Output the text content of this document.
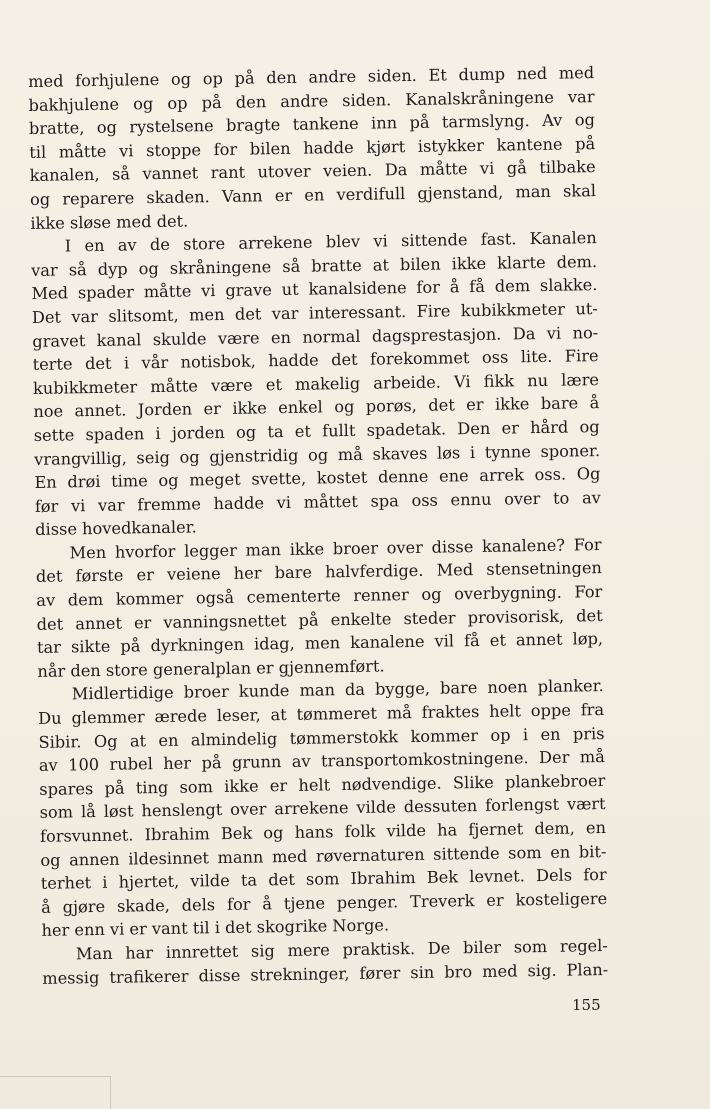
med forhjulene og op på den andre siden. Et dump ned med
bakhjulene og op på den andre siden. Kanalskråningene var
bratte, og rystelsene bragte tankene inn på tarmslyng. Av og
til måtte vi stoppe for bilen hadde kjørt istykker kantene på
kanalen, så vannet rant utover veien. Da måtte vi gå tilbake
og reparere skaden. Vann er en verdifull gjenstand, man skal
ikke sløse med det.
I en av de store arrekene blev vi sittende fast. Kanalen
var så dyp og skråningene så bratte at bilen ikke klarte dem.
Med spader måtte vi grave ut kanalsidene for å få dem slakke.
Det var slitsomt, men det var interessant. Fire kubikkmeter ut-
gravet kanal skulde være en normal dagsprestasjon. Da vi no-
terte det i vår notisbok, hadde det forekommet oss lite. Fire
kubikkmeter måtte være et makelig arbeide. Vi fikk nu lære
noe annet. Jorden er ikke enkel og porøs, det er ikke bare å
sette spaden i jorden og ta et fullt spadetak. Den er hård og
vrangvillig, seig og gjenstridig og må skaves løs i tynne sponer.
En drøi time og meget svette, kostet denne ene arrek oss. Og
før vi var fremme hadde vi måttet spa oss ennu over to av
disse hovedkanaler.
Men hvorfor legger man ikke broer over disse kanalene? For
det første er veiene her bare halvferdige. Med stensetningen
av dem kommer også cementerte renner og overbygning. For
det annet er vanningsnettet på enkelte steder provisorisk, det
tar sikte på dyrkningen idag, men kanalene vil få et annet løp,
når den store generalplan er gjennemført.
Midlertidige broer kunde man da bygge, bare noen planker.
Du glemmer ærede leser, at tømmeret må fraktes helt oppe fra
Sibir. Og at en almindelig tømmerstokk kommer op i en pris
av 100 rubel her på grunn av transportomkostningene. Der må
spares på ting som ikke er helt nødvendige. Slike plankebroer
som lå løst henslengt over arrekene vilde dessuten forlengst vært
forsvunnet. Ibrahim Bek og hans folk vilde ha fjernet dem, en
og annen ildesinnet mann med røvernaturen sittende som en bit-
terhet i hjertet, vilde ta det som Ibrahim Bek levnet. Dels for
å gjøre skade, dels for å tjene penger. Treverk er kosteligere
her enn vi er vant til i det skogrike Norge.
Man har innrettet sig mere praktisk. De biler som regel-
messig trafikerer disse strekninger, fører sin bro med sig. Plan-
155
